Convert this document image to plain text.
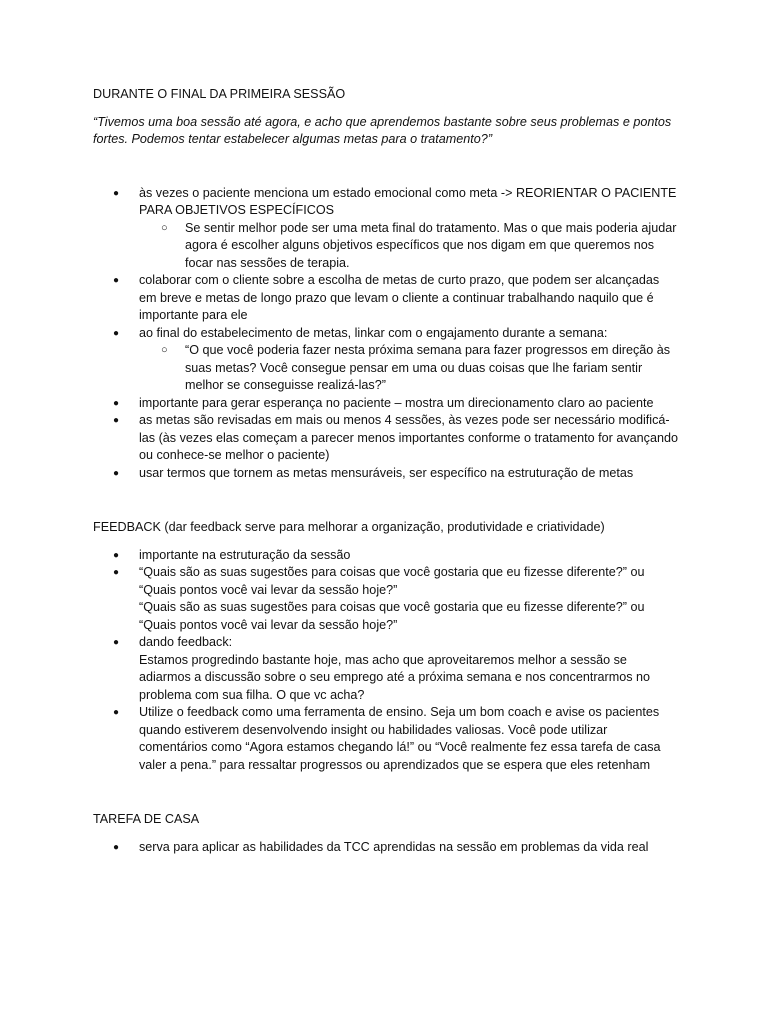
DURANTE O FINAL DA PRIMEIRA SESSÃO

“Tivemos uma boa sessão até agora, e acho que aprendemos bastante sobre seus problemas e pontos fortes. Podemos tentar estabelecer algumas metas para o tratamento?”

● às vezes o paciente menciona um estado emocional como meta -> REORIENTAR O PACIENTE PARA OBJETIVOS ESPECÍFICOS
○ Se sentir melhor pode ser uma meta final do tratamento. Mas o que mais poderia ajudar agora é escolher alguns objetivos específicos que nos digam em que queremos nos focar nas sessões de terapia.
● colaborar com o cliente sobre a escolha de metas de curto prazo, que podem ser alcançadas em breve e metas de longo prazo que levam o cliente a continuar trabalhando naquilo que é importante para ele
● ao final do estabelecimento de metas, linkar com o engajamento durante a semana:
○ “O que você poderia fazer nesta próxima semana para fazer progressos em direção às suas metas? Você consegue pensar em uma ou duas coisas que lhe fariam sentir melhor se conseguisse realizá-las?”
● importante para gerar esperança no paciente – mostra um direcionamento claro ao paciente
● as metas são revisadas em mais ou menos 4 sessões, às vezes pode ser necessário modificá-las (às vezes elas começam a parecer menos importantes conforme o tratamento for avançando ou conhece-se melhor o paciente)
● usar termos que tornem as metas mensuráveis, ser específico na estruturação de metas

FEEDBACK (dar feedback serve para melhorar a organização, produtividade e criatividade)

● importante na estruturação da sessão
● “Quais são as suas sugestões para coisas que você gostaria que eu fizesse diferente?” ou “Quais pontos você vai levar da sessão hoje?”
“Quais são as suas sugestões para coisas que você gostaria que eu fizesse diferente?” ou “Quais pontos você vai levar da sessão hoje?”
● dando feedback:
Estamos progredindo bastante hoje, mas acho que aproveitaremos melhor a sessão se adiarmos a discussão sobre o seu emprego até a próxima semana e nos concentrarmos no problema com sua filha. O que vc acha?
● Utilize o feedback como uma ferramenta de ensino. Seja um bom coach e avise os pacientes quando estiverem desenvolvendo insight ou habilidades valiosas. Você pode utilizar comentários como “Agora estamos chegando lá!” ou “Você realmente fez essa tarefa de casa valer a pena.” para ressaltar progressos ou aprendizados que se espera que eles retenham

TAREFA DE CASA

● serva para aplicar as habilidades da TCC aprendidas na sessão em problemas da vida real
